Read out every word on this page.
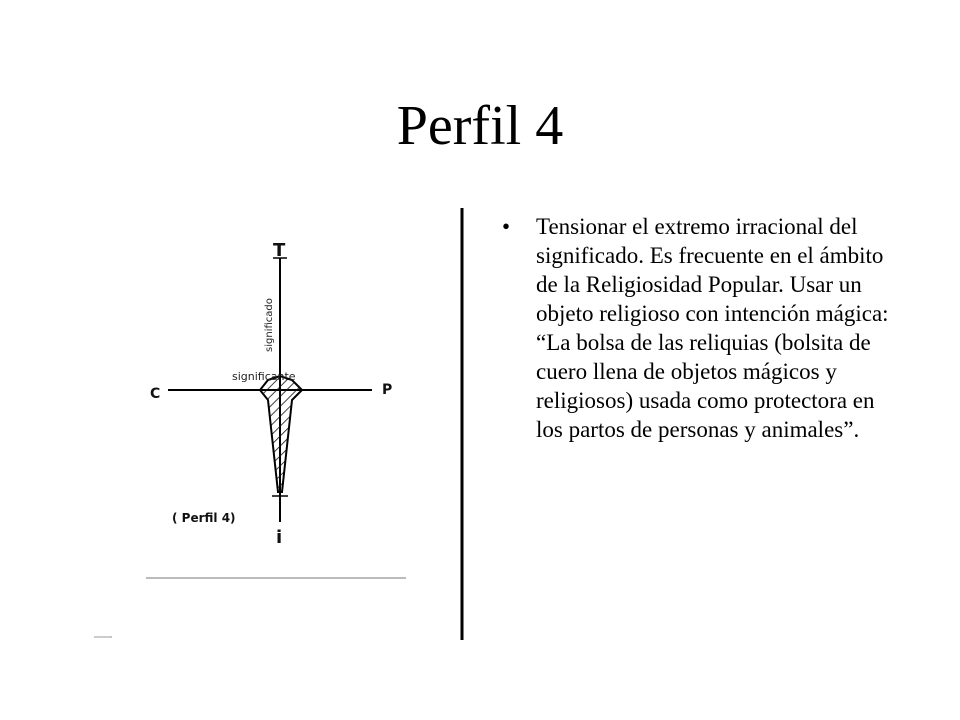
Perfil 4
T
C	P
i
significado
significante
( Perfil 4)
• Tensionar el extremo irracional del significado. Es frecuente en el ámbito de la Religiosidad Popular. Usar un objeto religioso con intención mágica: “La bolsa de las reliquias (bolsita de cuero llena de objetos mágicos y religiosos) usada como protectora en los partos de personas y animales”.
